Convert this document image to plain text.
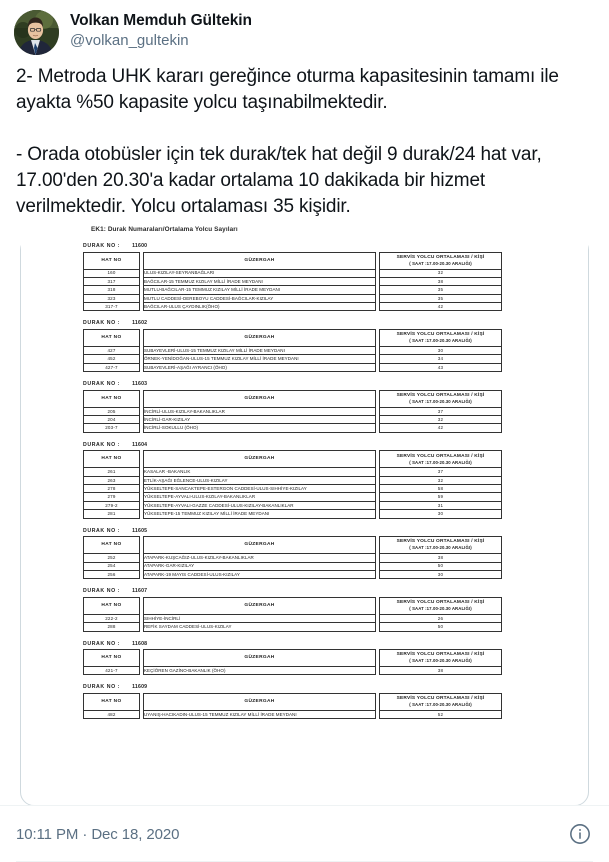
Volkan Memduh Gültekin
@volkan_gultekin

2- Metroda UHK kararı gereğince oturma kapasitesinin tamamı ile ayakta %50 kapasite yolcu taşınabilmektedir.

- Orada otobüsler için tek durak/tek hat değil 9 durak/24 hat var, 17.00'den 20.30'a kadar ortalama 10 dakikada bir hizmet verilmektedir. Yolcu ortalaması 35 kişidir.

EK1: Durak Numaraları/Ortalama Yolcu Sayıları
DURAK NO : 11600
HAT NO		GÜZERGAH		SERVİS YOLCU ORTALAMASI / KİŞİ
( SAAT :17.00-20.30 ARALIĞI)

160		ULUS-KIZILAY-SEYRANBAĞLARI		32
317		BAĞCILAR-15 TEMMUZ KIZILAY MİLLİ İRADE MEYDANI		38
318		MUTLU-BAĞCILAR-15 TEMMUZ KIZILAY MİLLİ İRADE MEYDANI		35
323		MUTLU CADDESİ-DEREBOYU CADDESİ-BAĞCILAR-KIZILAY		35
317-7		BAĞCILAR-ULUS ÇAYDINLIK(ÖHO)		42
DURAK NO : 11602
HAT NO		GÜZERGAH		SERVİS YOLCU ORTALAMASI / KİŞİ
( SAAT :17.00-20.30 ARALIĞI)

427		SUBAYEVLERİ-ULUS-15 TEMMUZ KIZILAY MİLLİ İRADE MEYDANI		30
452		ÖRNEK-YENİDOĞAN-ULUS-15 TEMMUZ KIZILAY MİLLİ İRADE MEYDANI		34
427-7		SUBAYEVLERİ-AŞAĞI AYRANCI (ÖHO)		43
DURAK NO : 11603
HAT NO		GÜZERGAH		SERVİS YOLCU ORTALAMASI / KİŞİ
( SAAT :17.00-20.30 ARALIĞI)

205		İNCİRLİ-ULUS-KIZILAY-BAKANLIKLAR		37
204		İNCİRLİ-GAR-KIZILAY		32
203-7		İNCİRLİ-SOKULLU (ÖHO)		42
DURAK NO : 11604
HAT NO		GÜZERGAH		SERVİS YOLCU ORTALAMASI / KİŞİ
( SAAT :17.00-20.30 ARALIĞI)

261		KASALAR -BAKANLIK		37
263		ETLİK-AŞAĞI EĞLENCE-ULUS-KIZILAY		32
278		YÜKSELTEPE-SANCAKTEPE-ESTERGON CADDESİ-ULUS-SIHHİYE-KIZILAY		58
279		YÜKSELTEPE-AYVALI-ULUS-KIZILAY-BAKANLIKLAR		59
279-2		YÜKSELTEPE-AYVALI-GAZZE CADDESİ-ULUS-KIZILAY-BAKANLIKLAR		31
281		YÜKSELTEPE-15 TEMMUZ KIZILAY MİLLİ İRADE MEYDANI		30
DURAK NO : 11605
HAT NO		GÜZERGAH		SERVİS YOLCU ORTALAMASI / KİŞİ
( SAAT :17.00-20.30 ARALIĞI)

252		ATAPARK-KUŞCAĞIZ-ULUS-KIZILAY-BAKANLIKLAR		38
254		ATAPARK-GAR-KIZILAY		50
256		ATAPARK-19 MAYIS CADDESİ-ULUS-KIZILAY		30
DURAK NO : 11607
HAT NO		GÜZERGAH		SERVİS YOLCU ORTALAMASI / KİŞİ
( SAAT :17.00-20.30 ARALIĞI)

222-2		SIHHİYE-İNCİRLİ		26
288		REFİK SAYDAM CADDESİ-ULUS-KIZILAY		50
DURAK NO : 11608
HAT NO		GÜZERGAH		SERVİS YOLCU ORTALAMASI / KİŞİ
( SAAT :17.00-20.30 ARALIĞI)

421-7		KEÇİÖREN GAZİNO-BAKANLIK (ÖHO)		38
DURAK NO : 11609
HAT NO		GÜZERGAH		SERVİS YOLCU ORTALAMASI / KİŞİ
( SAAT :17.00-20.30 ARALIĞI)

482		UYANIŞ-HACIKADIN-ULUS-15 TEMMUZ KIZILAY MİLLİ İRADE MEYDANI		52
10:11 PM · Dec 18, 2020
